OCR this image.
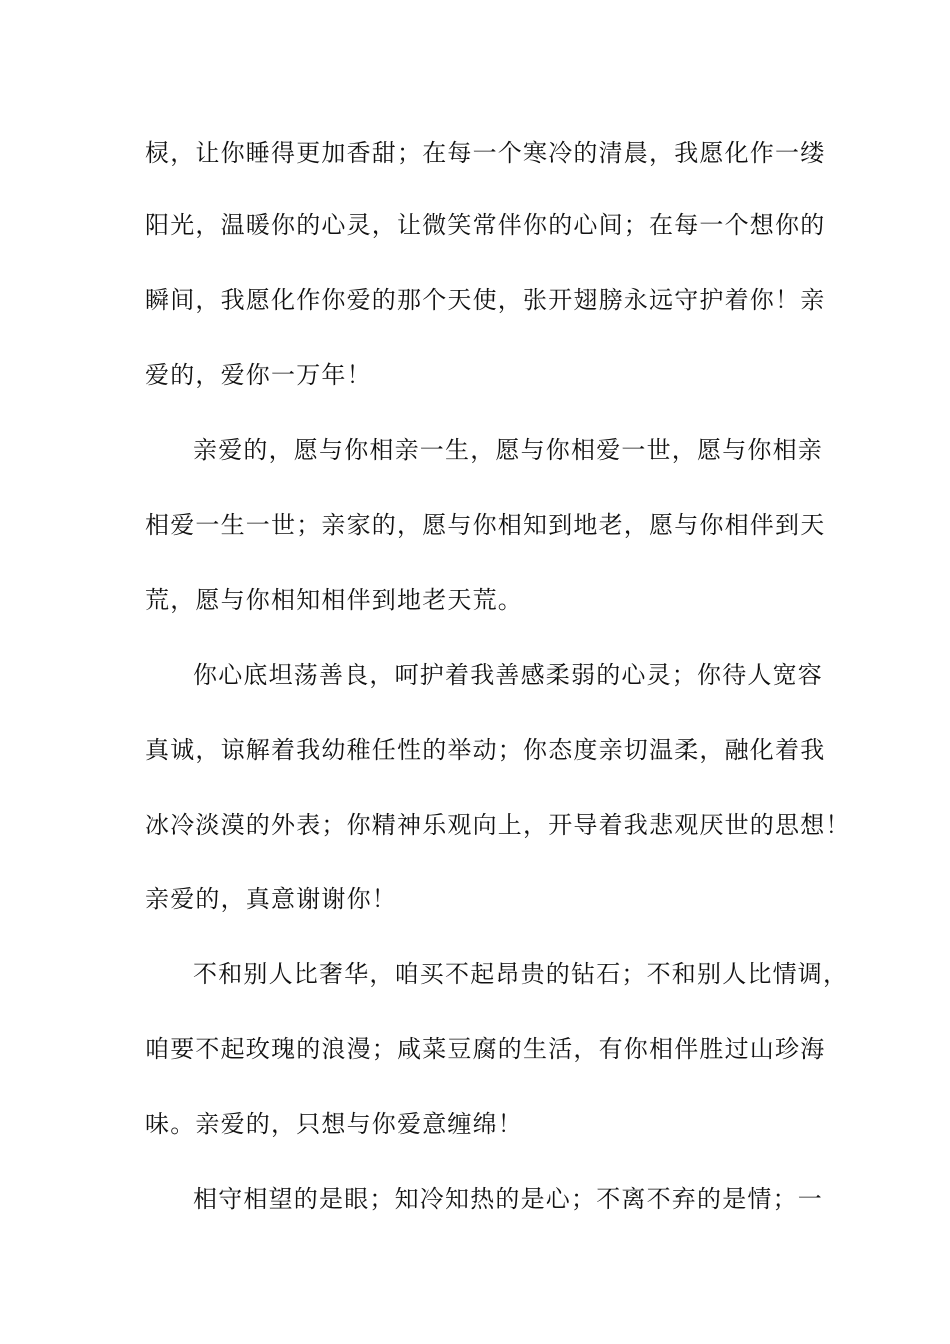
棂，让你睡得更加香甜；在每一个寒冷的清晨，我愿化作一缕
阳光，温暖你的心灵，让微笑常伴你的心间；在每一个想你的
瞬间，我愿化作你爱的那个天使，张开翅膀永远守护着你！亲
爱的，爱你一万年！
亲爱的，愿与你相亲一生，愿与你相爱一世，愿与你相亲
相爱一生一世；亲家的，愿与你相知到地老，愿与你相伴到天
荒，愿与你相知相伴到地老天荒。
你心底坦荡善良，呵护着我善感柔弱的心灵；你待人宽容
真诚，谅解着我幼稚任性的举动；你态度亲切温柔，融化着我
冰冷淡漠的外表；你精神乐观向上，开导着我悲观厌世的思想！
亲爱的，真意谢谢你！
不和别人比奢华，咱买不起昂贵的钻石；不和别人比情调，
咱要不起玫瑰的浪漫；咸菜豆腐的生活，有你相伴胜过山珍海
味。亲爱的，只想与你爱意缠绵！
相守相望的是眼；知冷知热的是心；不离不弃的是情；一
